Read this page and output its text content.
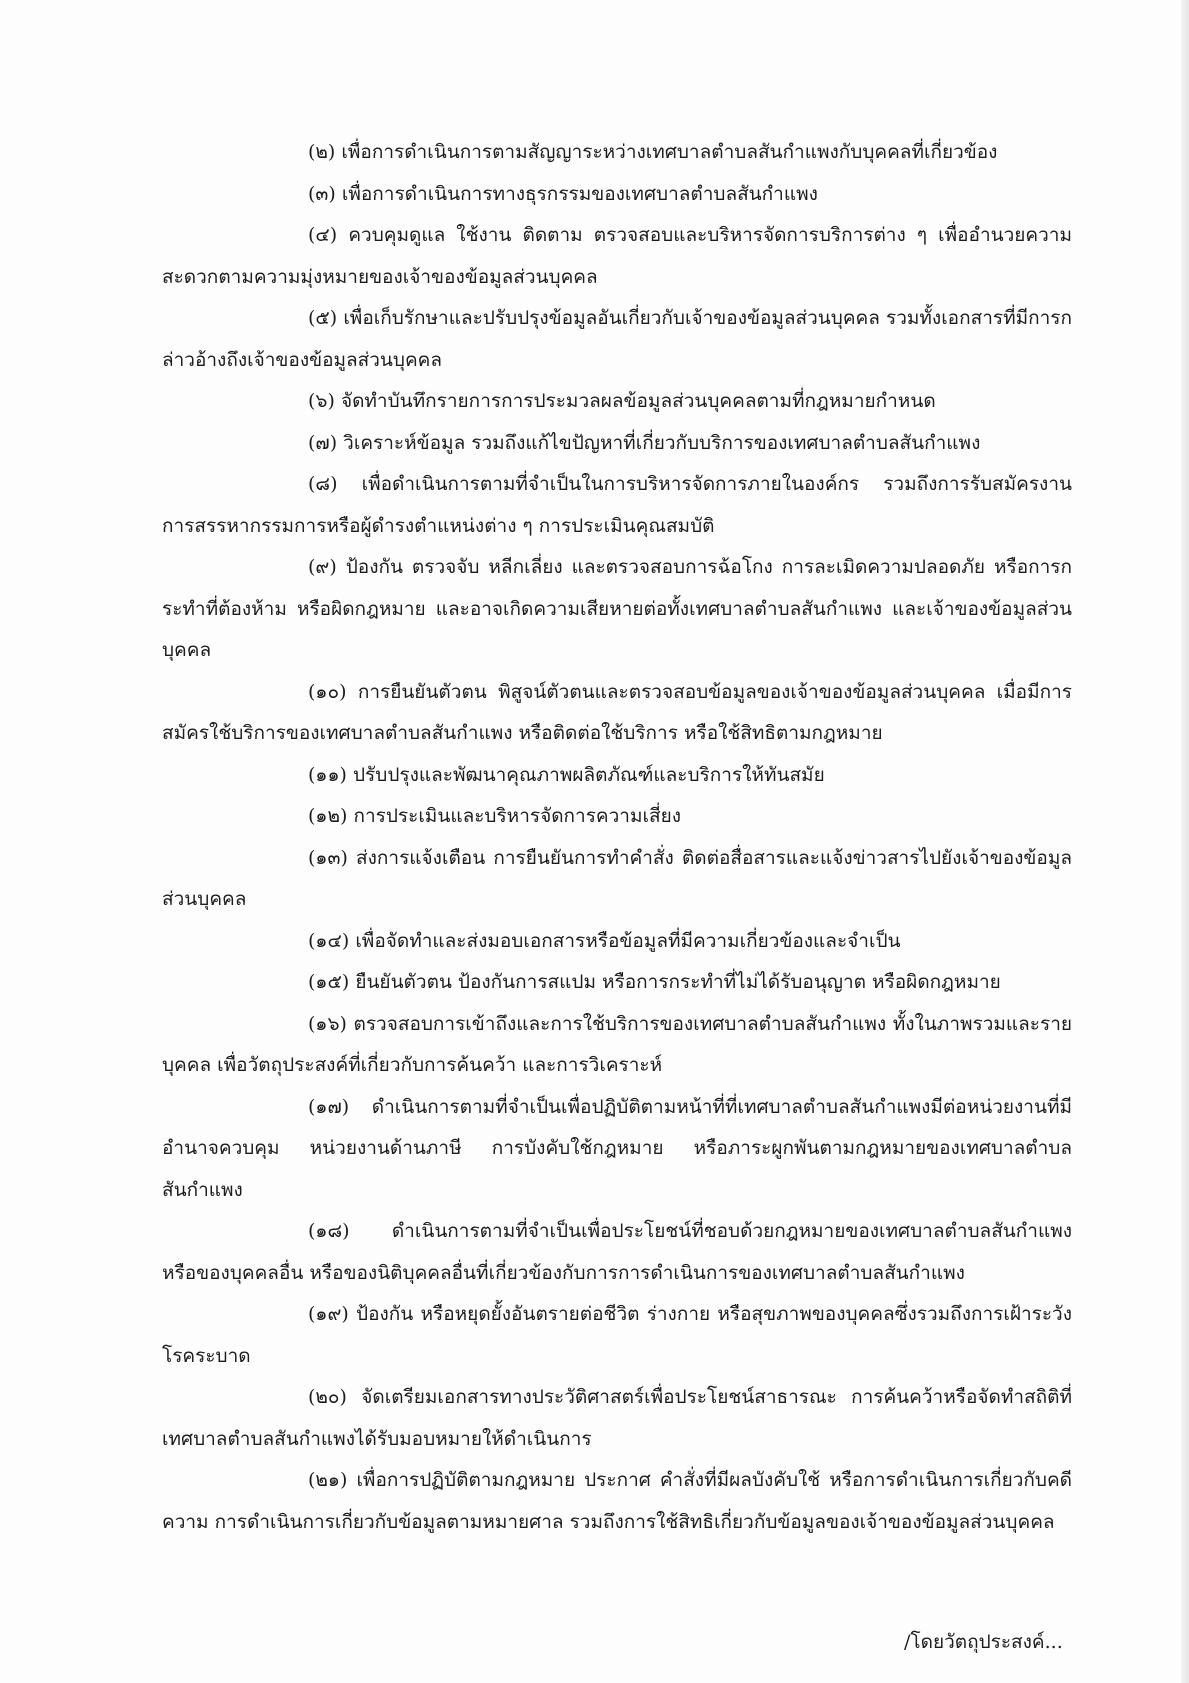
(๒) เพื่อการดำเนินการตามสัญญาระหว่างเทศบาลตำบลสันกำแพงกับบุคคลที่เกี่ยวข้อง

(๓) เพื่อการดำเนินการทางธุรกรรมของเทศบาลตำบลสันกำแพง

(๔) ควบคุมดูแล ใช้งาน ติดตาม ตรวจสอบและบริหารจัดการบริการต่าง ๆ เพื่ออำนวยความสะดวกตามความมุ่งหมายของเจ้าของข้อมูลส่วนบุคคล

(๕) เพื่อเก็บรักษาและปรับปรุงข้อมูลอันเกี่ยวกับเจ้าของข้อมูลส่วนบุคคล รวมทั้งเอกสารที่มีการกล่าวอ้างถึงเจ้าของข้อมูลส่วนบุคคล

(๖) จัดทำบันทึกรายการการประมวลผลข้อมูลส่วนบุคคลตามที่กฎหมายกำหนด

(๗) วิเคราะห์ข้อมูล รวมถึงแก้ไขปัญหาที่เกี่ยวกับบริการของเทศบาลตำบลสันกำแพง

(๘) เพื่อดำเนินการตามที่จำเป็นในการบริหารจัดการภายในองค์กร รวมถึงการรับสมัครงาน การสรรหากรรมการหรือผู้ดำรงตำแหน่งต่าง ๆ การประเมินคุณสมบัติ

(๙) ป้องกัน ตรวจจับ หลีกเลี่ยง และตรวจสอบการฉ้อโกง การละเมิดความปลอดภัย หรือการกระทำที่ต้องห้าม หรือผิดกฎหมาย และอาจเกิดความเสียหายต่อทั้งเทศบาลตำบลสันกำแพง และเจ้าของข้อมูลส่วนบุคคล

(๑๐) การยืนยันตัวตน พิสูจน์ตัวตนและตรวจสอบข้อมูลของเจ้าของข้อมูลส่วนบุคคล เมื่อมีการสมัครใช้บริการของเทศบาลตำบลสันกำแพง หรือติดต่อใช้บริการ หรือใช้สิทธิตามกฎหมาย

(๑๑) ปรับปรุงและพัฒนาคุณภาพผลิตภัณฑ์และบริการให้ทันสมัย

(๑๒) การประเมินและบริหารจัดการความเสี่ยง

(๑๓) ส่งการแจ้งเตือน การยืนยันการทำคำสั่ง ติดต่อสื่อสารและแจ้งข่าวสารไปยังเจ้าของข้อมูลส่วนบุคคล

(๑๔) เพื่อจัดทำและส่งมอบเอกสารหรือข้อมูลที่มีความเกี่ยวข้องและจำเป็น

(๑๕) ยืนยันตัวตน ป้องกันการสแปม หรือการกระทำที่ไม่ได้รับอนุญาต หรือผิดกฎหมาย

(๑๖) ตรวจสอบการเข้าถึงและการใช้บริการของเทศบาลตำบลสันกำแพง ทั้งในภาพรวมและรายบุคคล เพื่อวัตถุประสงค์ที่เกี่ยวกับการค้นคว้า และการวิเคราะห์

(๑๗) ดำเนินการตามที่จำเป็นเพื่อปฏิบัติตามหน้าที่ที่เทศบาลตำบลสันกำแพงมีต่อหน่วยงานที่มีอำนาจควบคุม หน่วยงานด้านภาษี การบังคับใช้กฎหมาย หรือภาระผูกพันตามกฎหมายของเทศบาลตำบลสันกำแพง

(๑๘) ดำเนินการตามที่จำเป็นเพื่อประโยชน์ที่ชอบด้วยกฎหมายของเทศบาลตำบลสันกำแพง หรือของบุคคลอื่น หรือของนิติบุคคลอื่นที่เกี่ยวข้องกับการการดำเนินการของเทศบาลตำบลสันกำแพง

(๑๙) ป้องกัน หรือหยุดยั้งอันตรายต่อชีวิต ร่างกาย หรือสุขภาพของบุคคลซึ่งรวมถึงการเฝ้าระวังโรคระบาด

(๒๐) จัดเตรียมเอกสารทางประวัติศาสตร์เพื่อประโยชน์สาธารณะ การค้นคว้าหรือจัดทำสถิติที่เทศบาลตำบลสันกำแพงได้รับมอบหมายให้ดำเนินการ

(๒๑) เพื่อการปฏิบัติตามกฎหมาย ประกาศ คำสั่งที่มีผลบังคับใช้ หรือการดำเนินการเกี่ยวกับคดีความ การดำเนินการเกี่ยวกับข้อมูลตามหมายศาล รวมถึงการใช้สิทธิเกี่ยวกับข้อมูลของเจ้าของข้อมูลส่วนบุคคล

/โดยวัตถุประสงค์...
